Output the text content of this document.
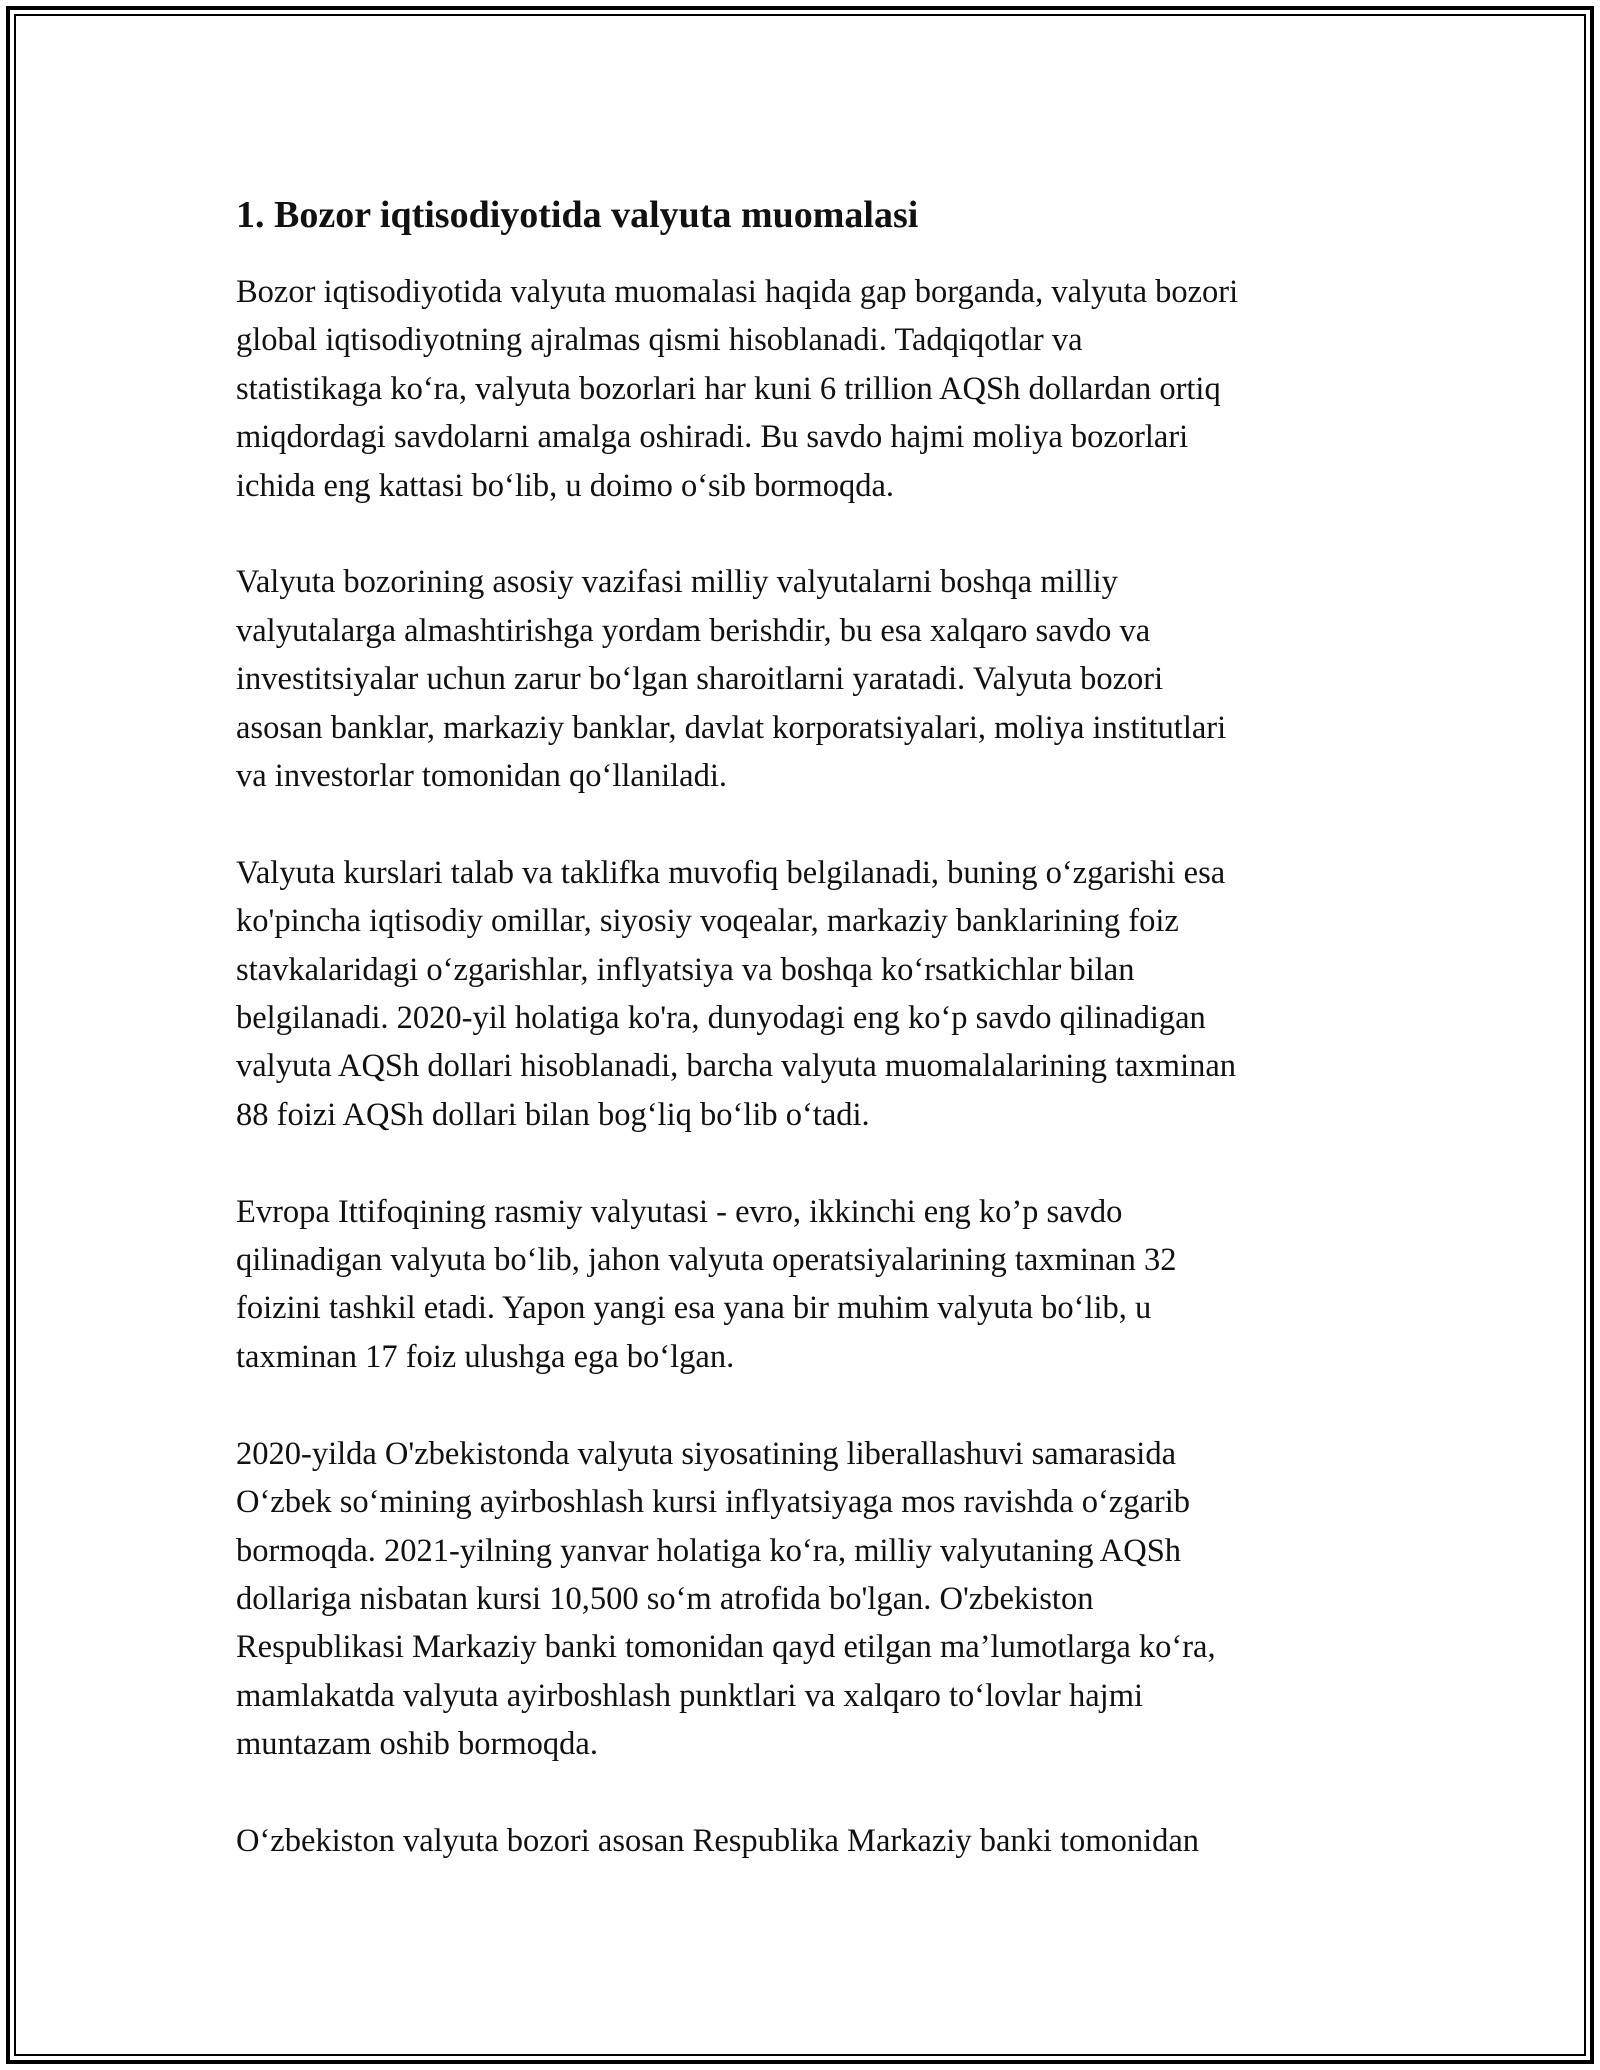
1. Bozor iqtisodiyotida valyuta muomalasi

Bozor iqtisodiyotida valyuta muomalasi haqida gap borganda, valyuta bozori
global iqtisodiyotning ajralmas qismi hisoblanadi. Tadqiqotlar va
statistikaga ko‘ra, valyuta bozorlari har kuni 6 trillion AQSh dollardan ortiq
miqdordagi savdolarni amalga oshiradi. Bu savdo hajmi moliya bozorlari
ichida eng kattasi bo‘lib, u doimo o‘sib bormoqda.

Valyuta bozorining asosiy vazifasi milliy valyutalarni boshqa milliy
valyutalarga almashtirishga yordam berishdir, bu esa xalqaro savdo va
investitsiyalar uchun zarur bo‘lgan sharoitlarni yaratadi. Valyuta bozori
asosan banklar, markaziy banklar, davlat korporatsiyalari, moliya institutlari
va investorlar tomonidan qo‘llaniladi.

Valyuta kurslari talab va taklifka muvofiq belgilanadi, buning o‘zgarishi esa
ko'pincha iqtisodiy omillar, siyosiy voqealar, markaziy banklarining foiz
stavkalaridagi o‘zgarishlar, inflyatsiya va boshqa ko‘rsatkichlar bilan
belgilanadi. 2020-yil holatiga ko'ra, dunyodagi eng ko‘p savdo qilinadigan
valyuta AQSh dollari hisoblanadi, barcha valyuta muomalalarining taxminan
88 foizi AQSh dollari bilan bog‘liq bo‘lib o‘tadi.

Evropa Ittifoqining rasmiy valyutasi - evro, ikkinchi eng ko’p savdo
qilinadigan valyuta bo‘lib, jahon valyuta operatsiyalarining taxminan 32
foizini tashkil etadi. Yapon yangi esa yana bir muhim valyuta bo‘lib, u
taxminan 17 foiz ulushga ega bo‘lgan.

2020-yilda O'zbekistonda valyuta siyosatining liberallashuvi samarasida
O‘zbek so‘mining ayirboshlash kursi inflyatsiyaga mos ravishda o‘zgarib
bormoqda. 2021-yilning yanvar holatiga ko‘ra, milliy valyutaning AQSh
dollariga nisbatan kursi 10,500 so‘m atrofida bo'lgan. O'zbekiston
Respublikasi Markaziy banki tomonidan qayd etilgan ma’lumotlarga ko‘ra,
mamlakatda valyuta ayirboshlash punktlari va xalqaro to‘lovlar hajmi
muntazam oshib bormoqda.

O‘zbekiston valyuta bozori asosan Respublika Markaziy banki tomonidan
